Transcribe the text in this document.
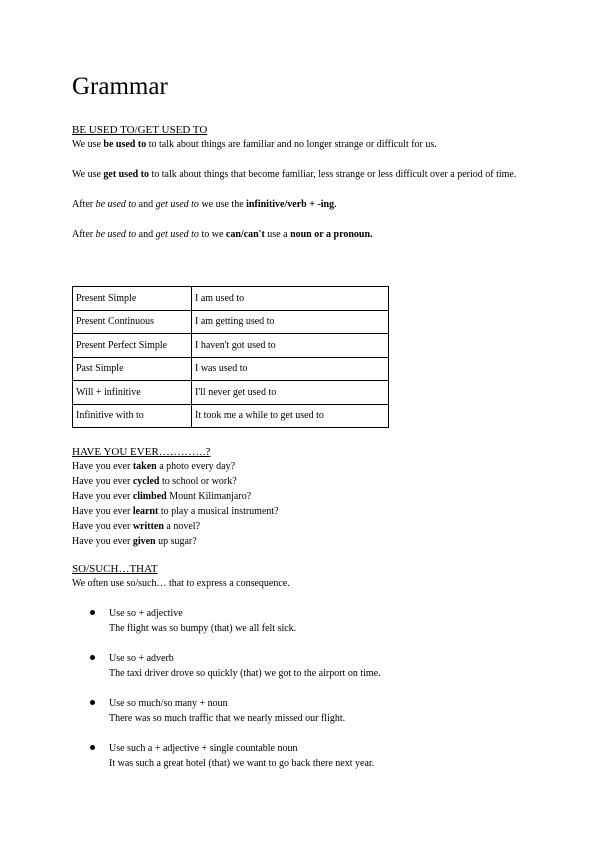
Grammar
BE USED TO/GET USED TO

We use be used to to talk about things are familiar and no longer strange or difficult for us.

We use get used to to talk about things that become familiar, less strange or less difficult over a period of time.

After be used to and get used to we use the infinitive/verb + -ing.

After be used to and get used to to we can/can't use a noun or a pronoun.

Present Simple	I am used to
Present Continuous	I am getting used to
Present Perfect Simple	I haven't got used to
Past Simple	I was used to
Will + infinitive	I'll never get used to
Infinitive with to	It took me a while to get used to
HAVE YOU EVER………….?
Have you ever taken a photo every day?
Have you ever cycled to school or work?
Have you ever climbed Mount Kilimanjaro?
Have you ever learnt to play a musical instrument?
Have you ever written a novel?
Have you ever given up sugar?
SO/SUCH…THAT

We often use so/such… that to express a consequence.

Use so + adjective
The flight was so bumpy (that) we all felt sick.
Use so + adverb
The taxi driver drove so quickly (that) we got to the airport on time.
Use so much/so many + noun
There was so much traffic that we nearly missed our flight.
Use such a + adjective + single countable noun
It was such a great hotel (that) we want to go back there next year.
